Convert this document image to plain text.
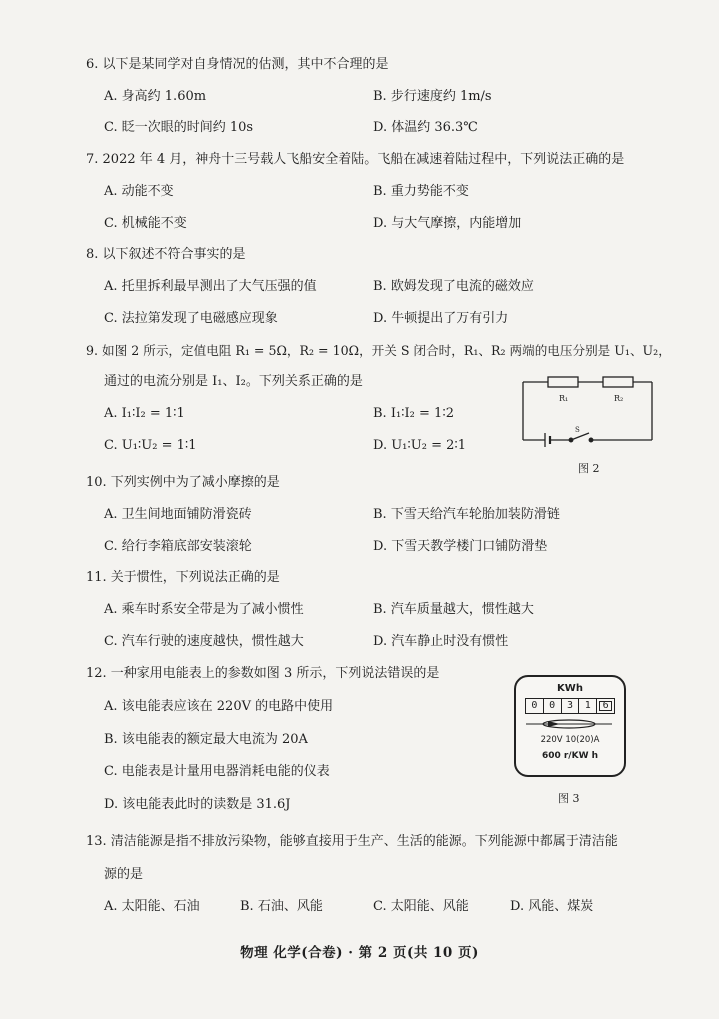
6. 以下是某同学对自身情况的估测，其中不合理的是
A. 身高约 1.60m	B. 步行速度约 1m/s
C. 眨一次眼的时间约 10s	D. 体温约 36.3℃
7. 2022 年 4 月，神舟十三号载人飞船安全着陆。飞船在减速着陆过程中，下列说法正确的是
A. 动能不变	B. 重力势能不变
C. 机械能不变	D. 与大气摩擦，内能增加
8. 以下叙述不符合事实的是
A. 托里拆利最早测出了大气压强的值	B. 欧姆发现了电流的磁效应
C. 法拉第发现了电磁感应现象	D. 牛顿提出了万有引力
9. 如图 2 所示，定值电阻 R₁ = 5Ω，R₂ = 10Ω，开关 S 闭合时，R₁、R₂ 两端的电压分别是 U₁、U₂，
通过的电流分别是 I₁、I₂。下列关系正确的是
A. I₁∶I₂ = 1∶1	B. I₁∶I₂ = 1∶2
C. U₁∶U₂ = 1∶1	D. U₁∶U₂ = 2∶1
R₁	R₂
S
图 2
10. 下列实例中为了减小摩擦的是
A. 卫生间地面铺防滑瓷砖	B. 下雪天给汽车轮胎加装防滑链
C. 给行李箱底部安装滚轮	D. 下雪天教学楼门口铺防滑垫
11. 关于惯性，下列说法正确的是
A. 乘车时系安全带是为了减小惯性	B. 汽车质量越大，惯性越大
C. 汽车行驶的速度越快，惯性越大	D. 汽车静止时没有惯性
12. 一种家用电能表上的参数如图 3 所示，下列说法错误的是
A. 该电能表应该在 220V 的电路中使用
B. 该电能表的额定最大电流为 20A
C. 电能表是计量用电器消耗电能的仪表
D. 该电能表此时的读数是 31.6J
KWh
0	0	3	1	6
220V 10(20)A
600 r/KW h
图 3
13. 清洁能源是指不排放污染物，能够直接用于生产、生活的能源。下列能源中都属于清洁能
源的是
A. 太阳能、石油	B. 石油、风能	C. 太阳能、风能	D. 风能、煤炭
物理 化学(合卷) · 第 2 页(共 10 页)
